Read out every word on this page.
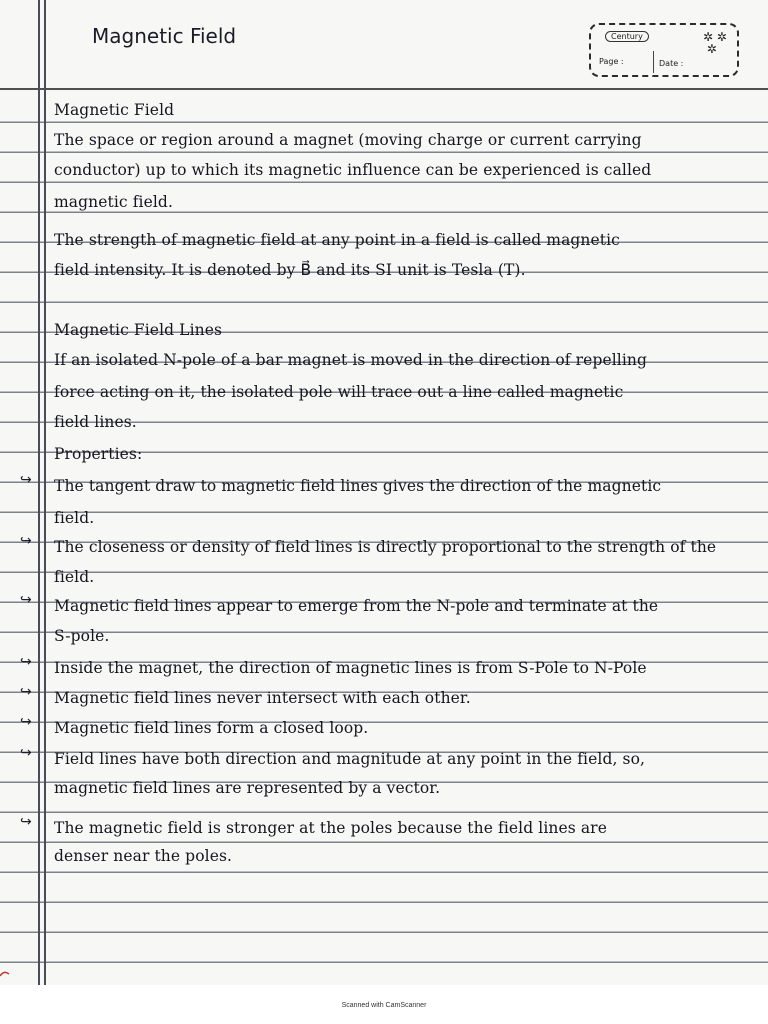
Magnetic Field	Century	✲ ✲
✲
Page :	Date :
Magnetic Field
The space or region around a magnet (moving charge or current carrying
conductor) up to which its magnetic influence can be experienced is called
magnetic field.
The strength of magnetic field at any point in a field is called magnetic
field intensity. It is denoted by B⃗ and its SI unit is Tesla (T).
Magnetic Field Lines
If an isolated N-pole of a bar magnet is moved in the direction of repelling
force acting on it, the isolated pole will trace out a line called magnetic
field lines.
Properties:
The tangent draw to magnetic field lines gives the direction of the magnetic
field.
The closeness or density of field lines is directly proportional to the strength of the
field.
Magnetic field lines appear to emerge from the N-pole and terminate at the
S-pole.
Inside the magnet, the direction of magnetic lines is from S-Pole to N-Pole
Magnetic field lines never intersect with each other.
Magnetic field lines form a closed loop.
Field lines have both direction and magnitude at any point in the field, so,
magnetic field lines are represented by a vector.
The magnetic field is stronger at the poles because the field lines are
denser near the poles.
↪
↪
↪
↪
↪
↪
↪
↪
Scanned with CamScanner
